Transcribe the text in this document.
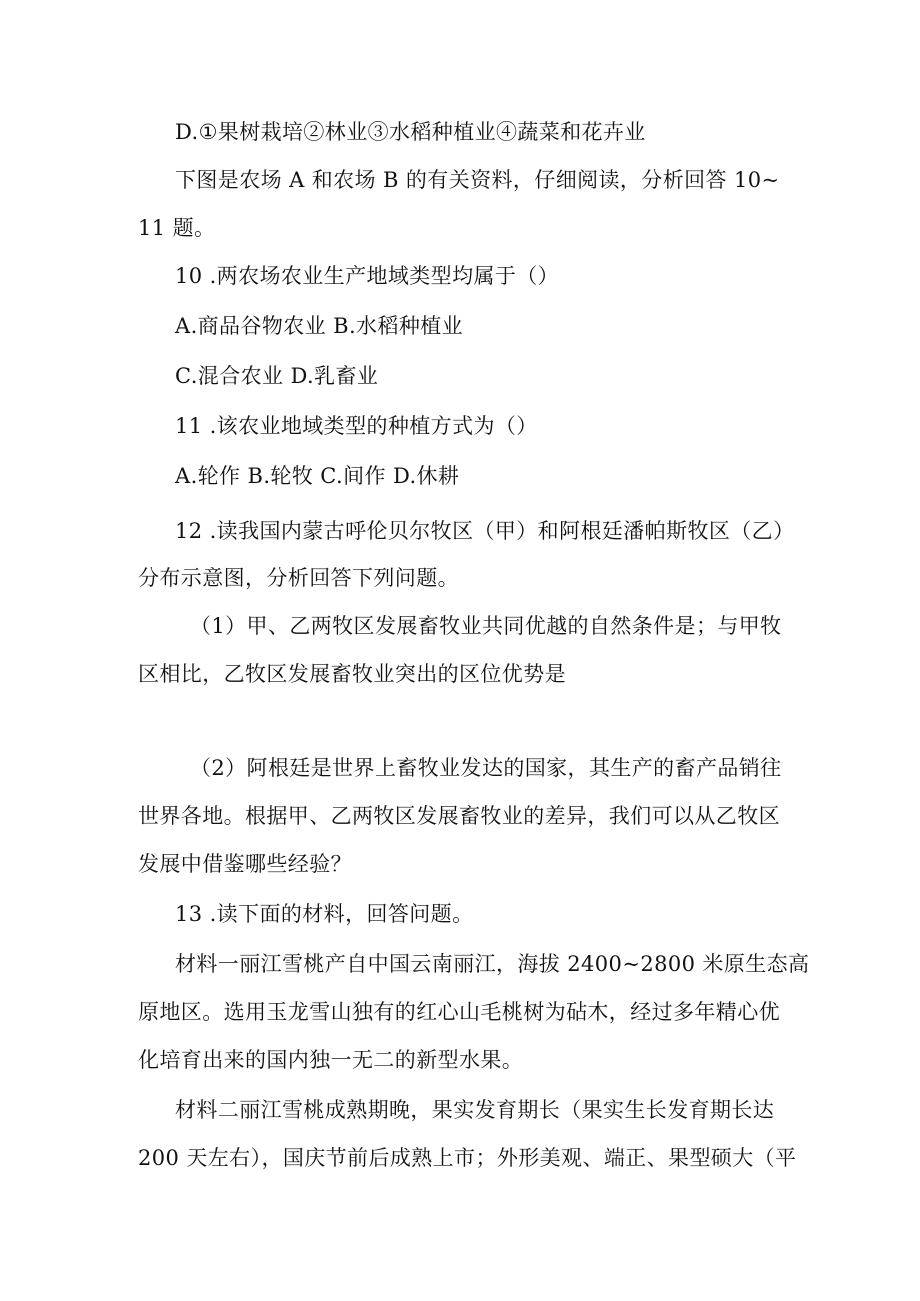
D.①果树栽培②林业③水稻种植业④蔬菜和花卉业
下图是农场 A 和农场 B 的有关资料，仔细阅读，分析回答 10~
11 题。
10 .两农场农业生产地域类型均属于（）
A.商品谷物农业 B.水稻种植业
C.混合农业 D.乳畜业
11 .该农业地域类型的种植方式为（）
A.轮作 B.轮牧 C.间作 D.休耕
12 .读我国内蒙古呼伦贝尔牧区（甲）和阿根廷潘帕斯牧区（乙）
分布示意图，分析回答下列问题。
（1）甲、乙两牧区发展畜牧业共同优越的自然条件是；与甲牧
区相比，乙牧区发展畜牧业突出的区位优势是
（2）阿根廷是世界上畜牧业发达的国家，其生产的畜产品销往
世界各地。根据甲、乙两牧区发展畜牧业的差异，我们可以从乙牧区
发展中借鉴哪些经验？
13 .读下面的材料，回答问题。
材料一丽江雪桃产自中国云南丽江，海拔 2400~2800 米原生态高
原地区。选用玉龙雪山独有的红心山毛桃树为砧木，经过多年精心优
化培育出来的国内独一无二的新型水果。
材料二丽江雪桃成熟期晚，果实发育期长（果实生长发育期长达
200 天左右），国庆节前后成熟上市；外形美观、端正、果型硕大（平
